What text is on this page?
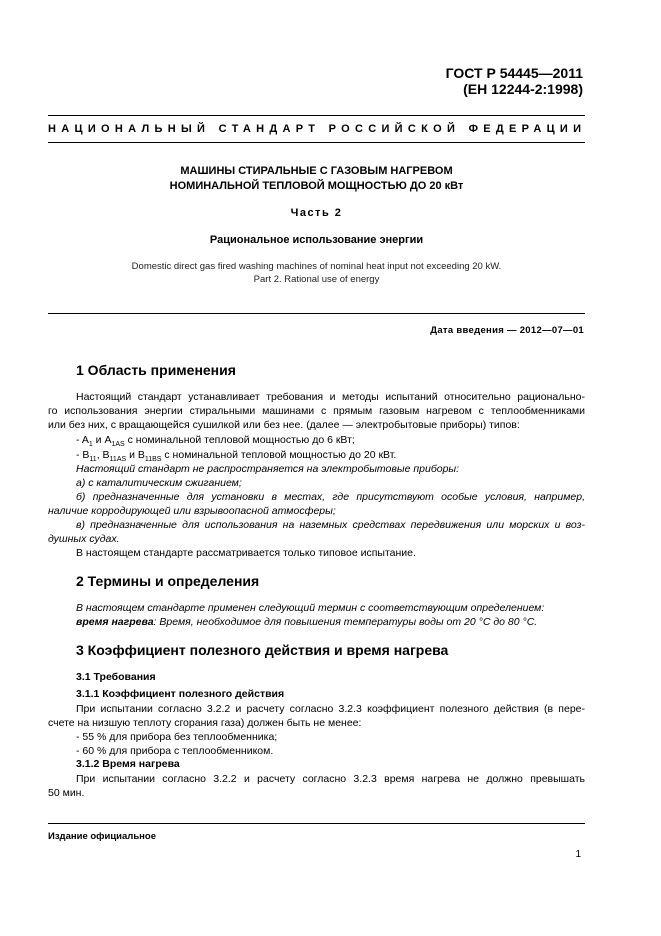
ГОСТ Р 54445—2011
(ЕН 12244-2:1998)
НАЦИОНАЛЬНЫЙ СТАНДАРТ РОССИЙСКОЙ ФЕДЕРАЦИИ
МАШИНЫ СТИРАЛЬНЫЕ С ГАЗОВЫМ НАГРЕВОМ
НОМИНАЛЬНОЙ ТЕПЛОВОЙ МОЩНОСТЬЮ ДО 20 кВт
Часть 2
Рациональное использование энергии
Domestic direct gas fired washing machines of nominal heat input not exceeding 20 kW.
Part 2. Rational use of energy
Дата введения — 2012—07—01
1 Область применения
Настоящий стандарт устанавливает требования и методы испытаний относительно рационально-
го использования энергии стиральными машинами с прямым газовым нагревом с теплообменниками
или без них, с вращающейся сушилкой или без нее. (далее — электробытовые приборы) типов:
- $A_1$ и $A_{1AS}$ с номинальной тепловой мощностью до 6 кВт;
- $B_{11}$, $B_{11AS}$ и $B_{11BS}$ с номинальной тепловой мощностью до 20 кВт.
Настоящий стандарт не распространяется на электробытовые приборы:
а) с каталитическим сжиганием;
б) предназначенные для установки в местах, где присутствуют особые условия, например,
наличие корродирующей или взрывоопасной атмосферы;
в) предназначенные для использования на наземных средствах передвижения или морских и воз-
душных судах.
В настоящем стандарте рассматривается только типовое испытание.
2 Термины и определения
В настоящем стандарте применен следующий термин с соответствующим определением:
время нагрева: Время, необходимое для повышения температуры воды от 20 °С до 80 °С.
3 Коэффициент полезного действия и время нагрева
3.1 Требования
3.1.1 Коэффициент полезного действия
При испытании согласно 3.2.2 и расчету согласно 3.2.3 коэффициент полезного действия (в пере-
счете на низшую теплоту сгорания газа) должен быть не менее:
- 55 % для прибора без теплообменника;
- 60 % для прибора с теплообменником.
3.1.2 Время нагрева
При испытании согласно 3.2.2 и расчету согласно 3.2.3 время нагрева не должно превышать
50 мин.
Издание официальное
1
